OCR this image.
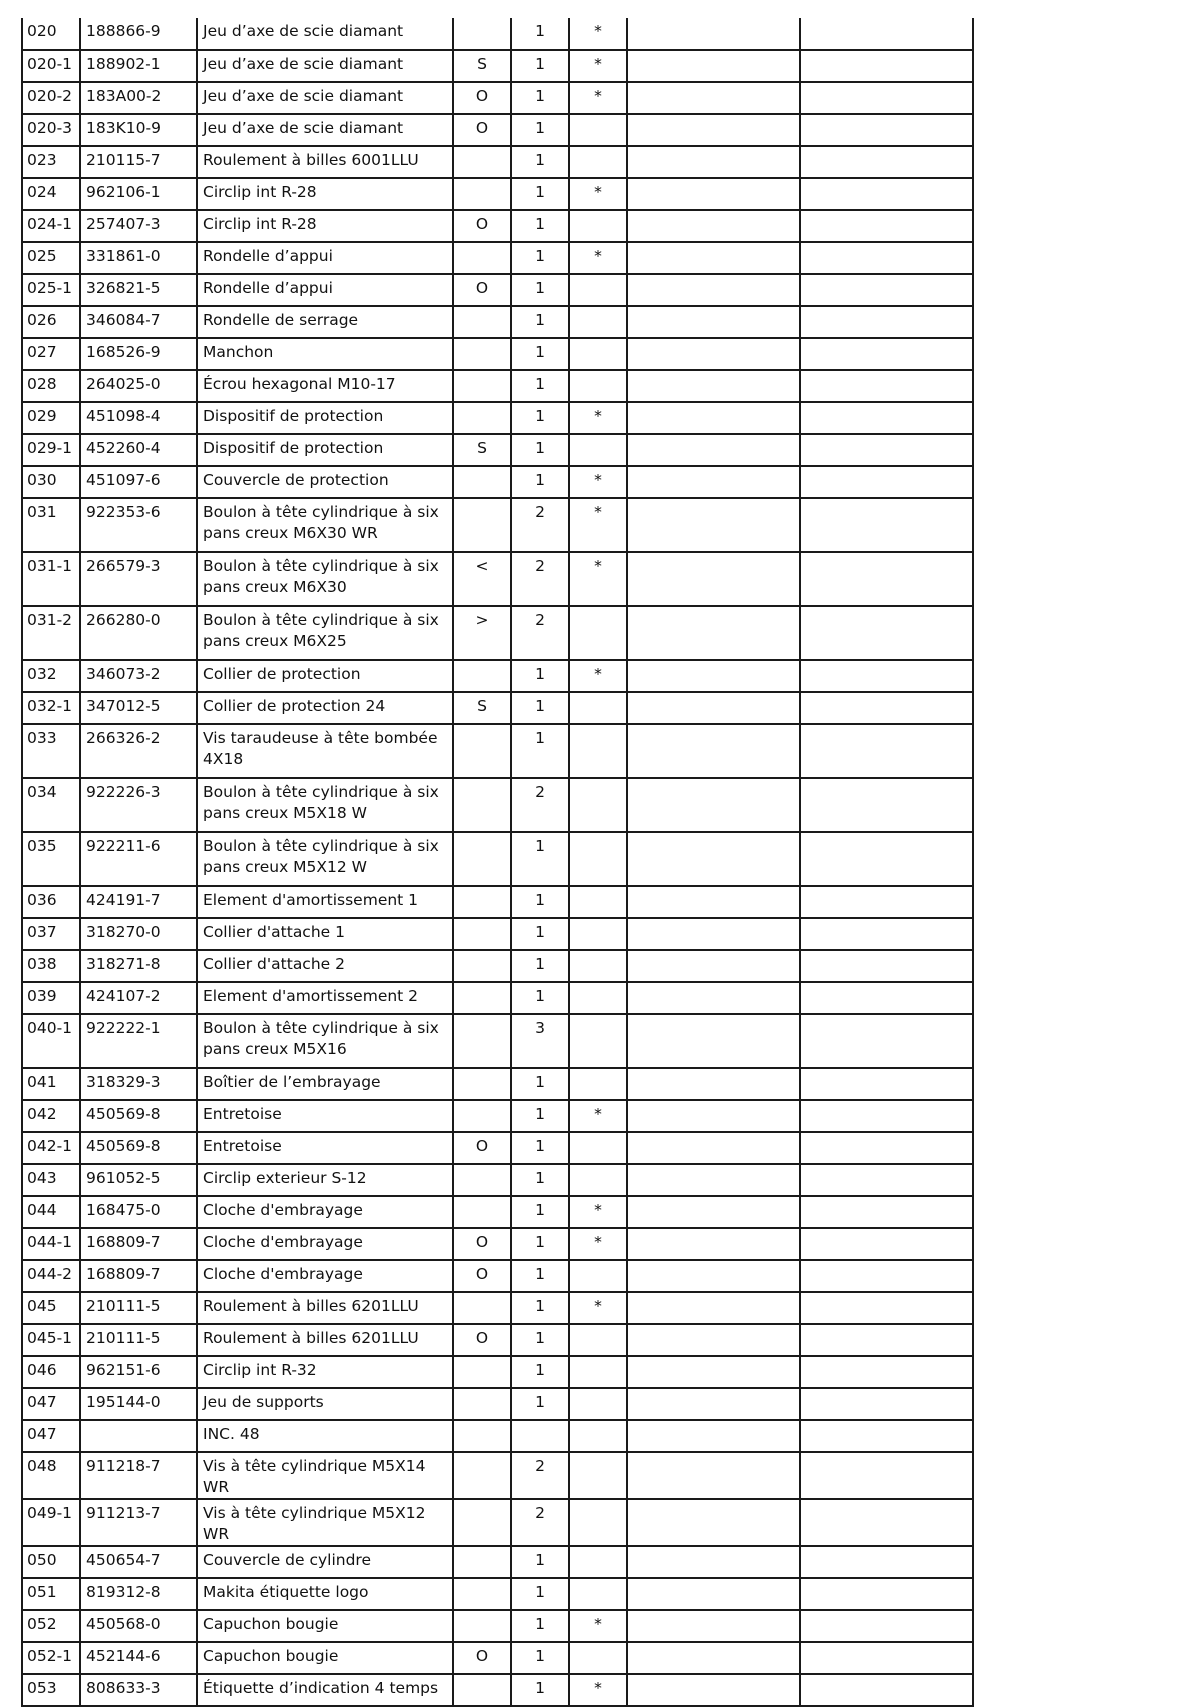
020	188866-9	Jeu d’axe de scie diamant		1	*		

020-1	188902-1	Jeu d’axe de scie diamant	S	1	*		

020-2	183A00-2	Jeu d’axe de scie diamant	O	1	*		

020-3	183K10-9	Jeu d’axe de scie diamant	O	1			

023	210115-7	Roulement à billes 6001LLU		1			

024	962106-1	Circlip int R-28		1	*		

024-1	257407-3	Circlip int R-28	O	1			

025	331861-0	Rondelle d’appui		1	*		

025-1	326821-5	Rondelle d’appui	O	1			

026	346084-7	Rondelle de serrage		1			

027	168526-9	Manchon		1			

028	264025-0	Écrou hexagonal M10-17		1			

029	451098-4	Dispositif de protection		1	*		

029-1	452260-4	Dispositif de protection	S	1			

030	451097-6	Couvercle de protection		1	*		

031	922353-6	Boulon à tête cylindrique à six pans creux M6X30 WR		2	*		

031-1	266579-3	Boulon à tête cylindrique à six pans creux M6X30	<	2	*		

031-2	266280-0	Boulon à tête cylindrique à six pans creux M6X25	>	2			

032	346073-2	Collier de protection		1	*		

032-1	347012-5	Collier de protection 24	S	1			

033	266326-2	Vis taraudeuse à tête bombée 4X18		1			

034	922226-3	Boulon à tête cylindrique à six pans creux M5X18 W		2			

035	922211-6	Boulon à tête cylindrique à six pans creux M5X12 W		1			

036	424191-7	Element d'amortissement 1		1			

037	318270-0	Collier d'attache 1		1			

038	318271-8	Collier d'attache 2		1			

039	424107-2	Element d'amortissement 2		1			

040-1	922222-1	Boulon à tête cylindrique à six pans creux M5X16		3			

041	318329-3	Boîtier de l’embrayage		1			

042	450569-8	Entretoise		1	*		

042-1	450569-8	Entretoise	O	1			

043	961052-5	Circlip exterieur S-12		1			

044	168475-0	Cloche d'embrayage		1	*		

044-1	168809-7	Cloche d'embrayage	O	1	*		

044-2	168809-7	Cloche d'embrayage	O	1			

045	210111-5	Roulement à billes 6201LLU		1	*		

045-1	210111-5	Roulement à billes 6201LLU	O	1			

046	962151-6	Circlip int R-32		1			

047	195144-0	Jeu de supports		1			

047		INC. 48					

048	911218-7	Vis à tête cylindrique M5X14 WR		2			

049-1	911213-7	Vis à tête cylindrique M5X12 WR		2			

050	450654-7	Couvercle de cylindre		1			

051	819312-8	Makita étiquette logo		1			

052	450568-0	Capuchon bougie		1	*		

052-1	452144-6	Capuchon bougie	O	1			

053	808633-3	Étiquette d’indication 4 temps		1	*		
